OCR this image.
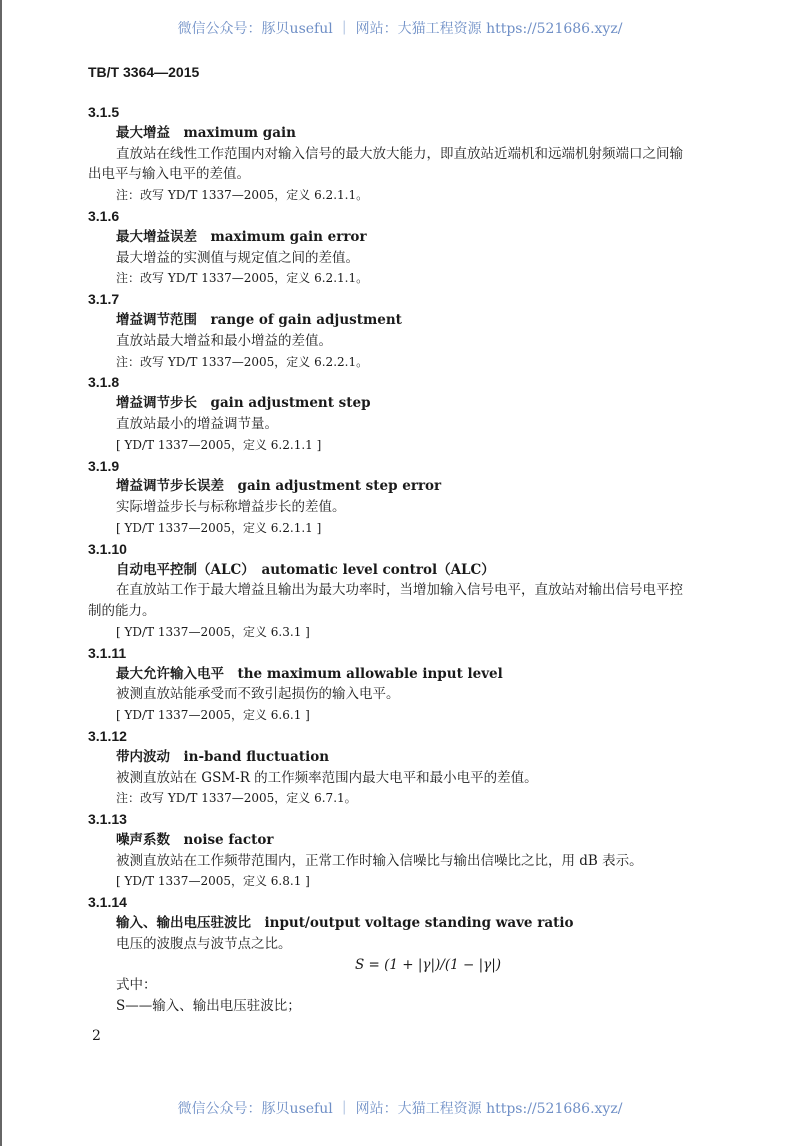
微信公众号：豚贝useful ｜ 网站：大猫工程资源 https://521686.xyz/
TB/T 3364—2015
3.1.5
最大增益　maximum gain
直放站在线性工作范围内对输入信号的最大放大能力，即直放站近端机和远端机射频端口之间输
出电平与输入电平的差值。
注：改写 YD/T 1337—2005，定义 6.2.1.1。
3.1.6
最大增益误差　maximum gain error
最大增益的实测值与规定值之间的差值。
注：改写 YD/T 1337—2005，定义 6.2.1.1。
3.1.7
增益调节范围　range of gain adjustment
直放站最大增益和最小增益的差值。
注：改写 YD/T 1337—2005，定义 6.2.2.1。
3.1.8
增益调节步长　gain adjustment step
直放站最小的增益调节量。
[ YD/T 1337—2005，定义 6.2.1.1 ]
3.1.9
增益调节步长误差　gain adjustment step error
实际增益步长与标称增益步长的差值。
[ YD/T 1337—2005，定义 6.2.1.1 ]
3.1.10
自动电平控制（ALC）　automatic level control（ALC）
在直放站工作于最大增益且输出为最大功率时，当增加输入信号电平，直放站对输出信号电平控
制的能力。
[ YD/T 1337—2005，定义 6.3.1 ]
3.1.11
最大允许输入电平　the maximum allowable input level
被测直放站能承受而不致引起损伤的输入电平。
[ YD/T 1337—2005，定义 6.6.1 ]
3.1.12
带内波动　in-band fluctuation
被测直放站在 GSM-R 的工作频率范围内最大电平和最小电平的差值。
注：改写 YD/T 1337—2005，定义 6.7.1。
3.1.13
噪声系数　noise factor
被测直放站在工作频带范围内，正常工作时输入信噪比与输出信噪比之比，用 dB 表示。
[ YD/T 1337—2005，定义 6.8.1 ]
3.1.14
输入、输出电压驻波比　input/output voltage standing wave ratio
电压的波腹点与波节点之比。
S = (1 + |γ|)/(1 − |γ|)
式中：
S——输入、输出电压驻波比；
2
微信公众号：豚贝useful ｜ 网站：大猫工程资源 https://521686.xyz/
